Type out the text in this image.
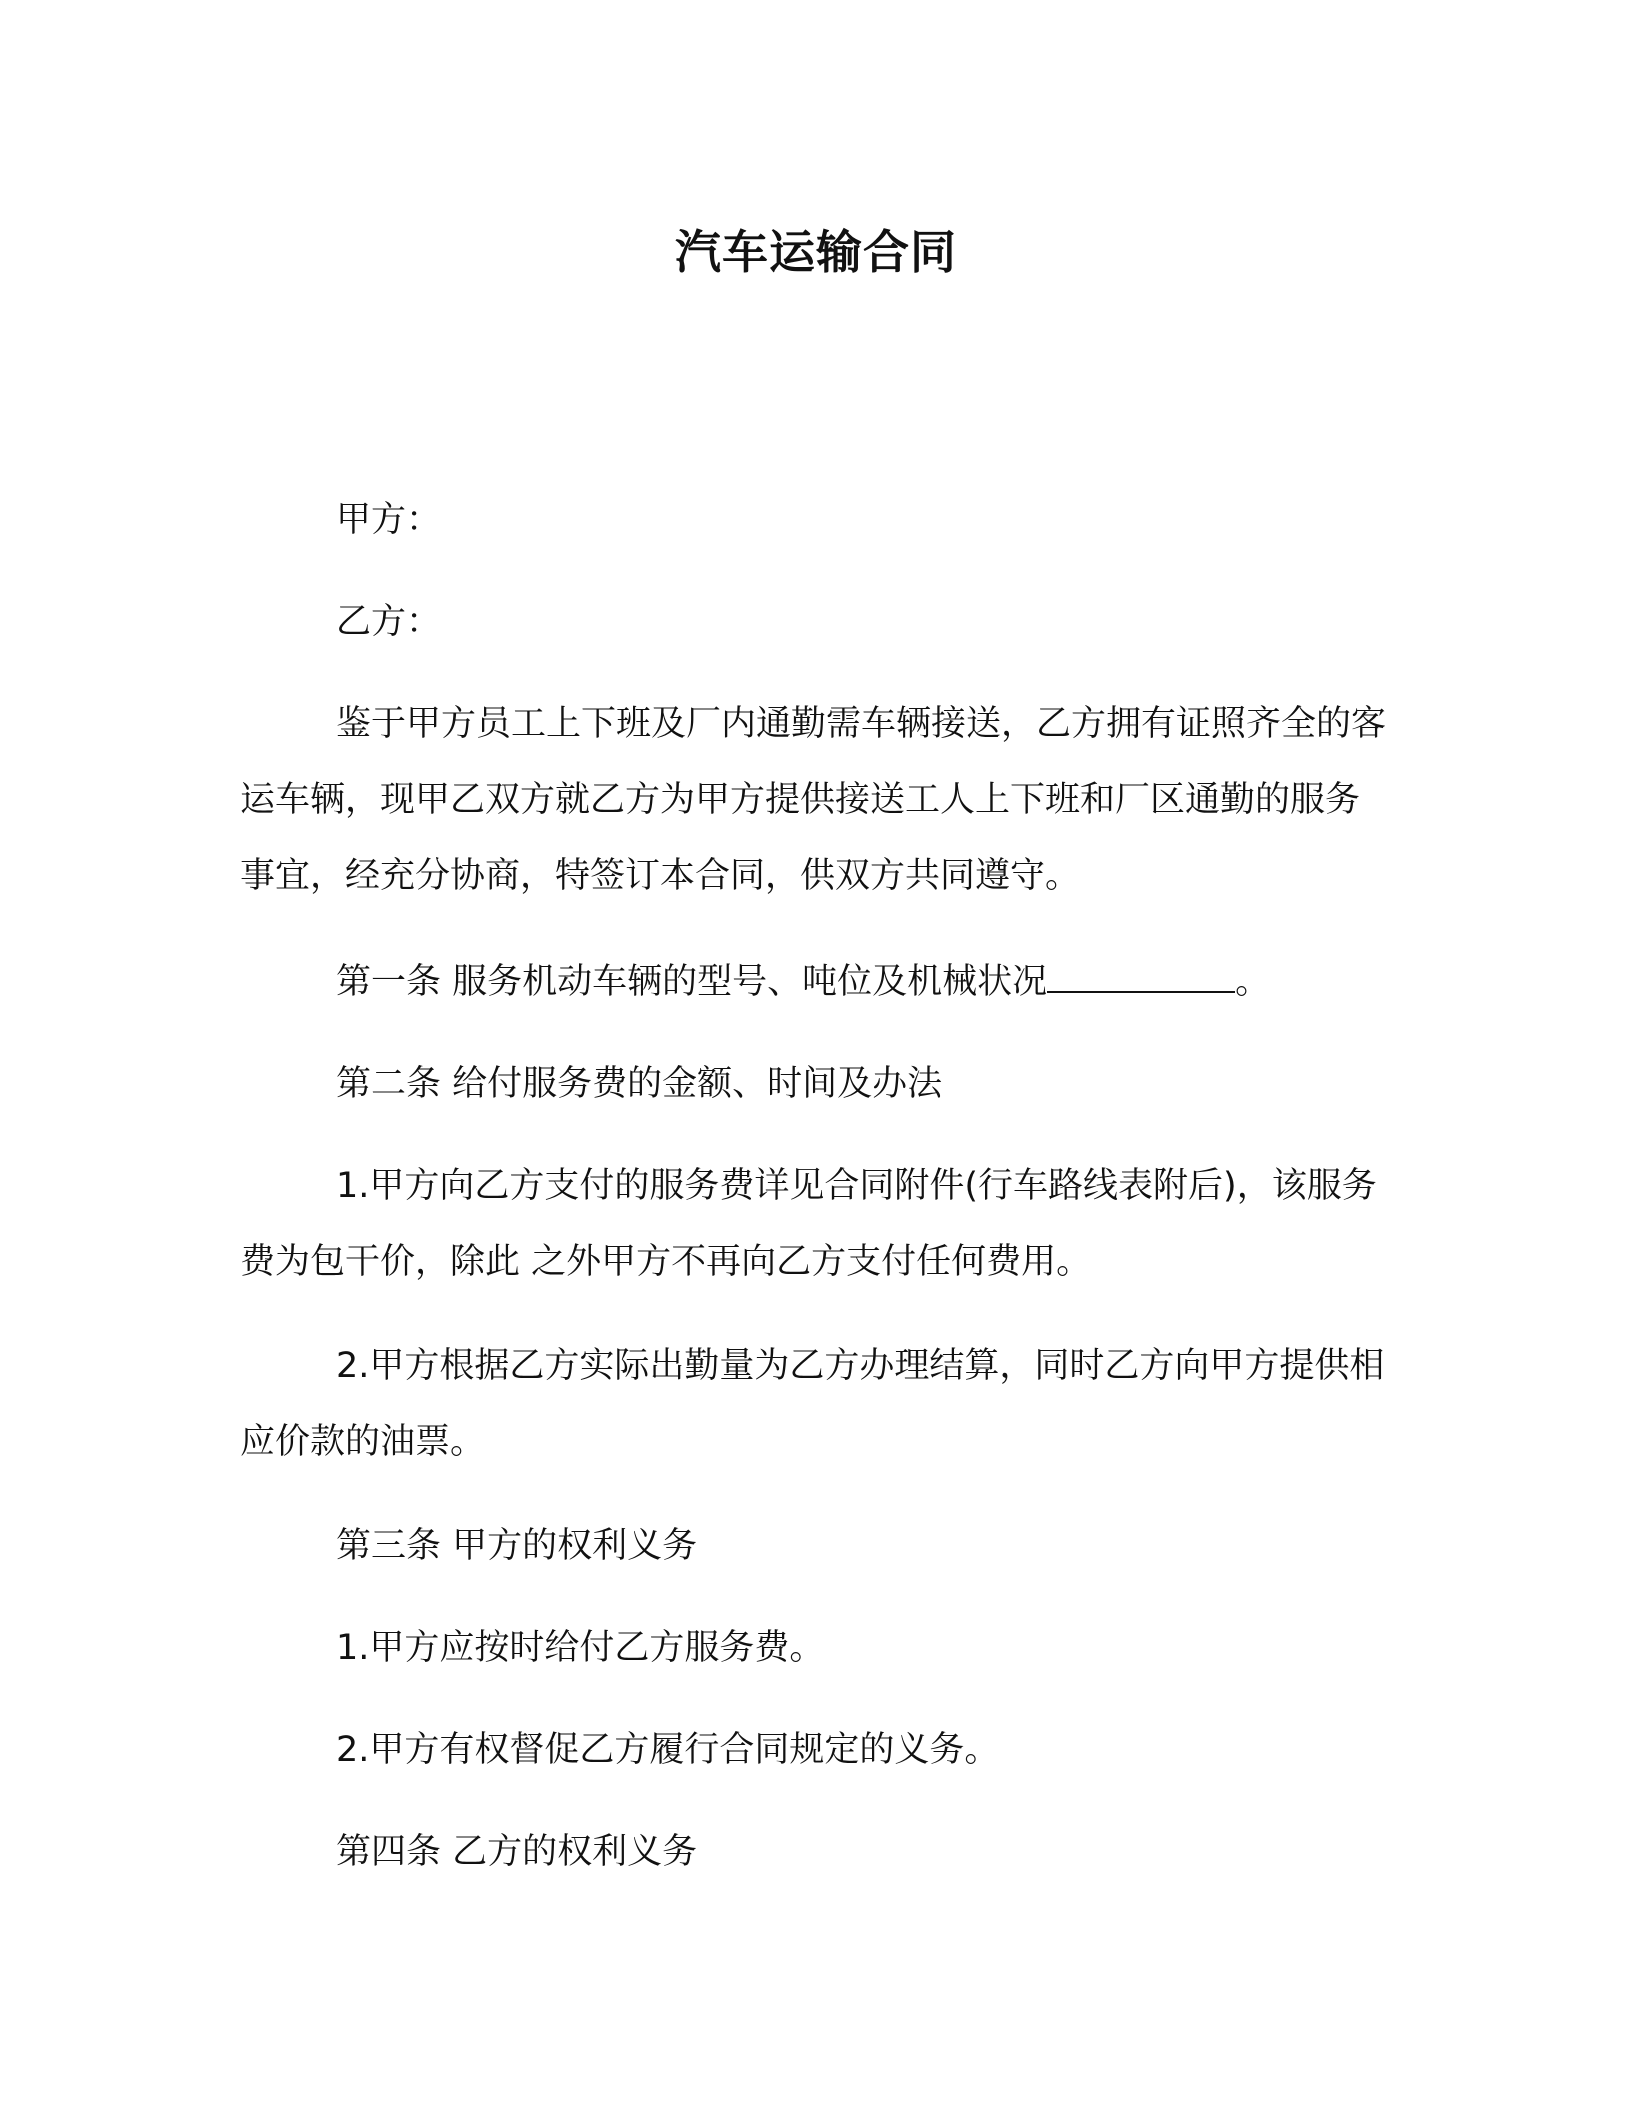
汽车运输合同

甲方：

乙方：

鉴于甲方员工上下班及厂内通勤需车辆接送，乙方拥有证照齐全的客运车辆，现甲乙双方就乙方为甲方提供接送工人上下班和厂区通勤的服务事宜，经充分协商，特签订本合同，供双方共同遵守。

第一条 服务机动车辆的型号、吨位及机械状况	。

第二条 给付服务费的金额、时间及办法

1.甲方向乙方支付的服务费详见合同附件(行车路线表附后)，该服务费为包干价，除此 之外甲方不再向乙方支付任何费用。

2.甲方根据乙方实际出勤量为乙方办理结算，同时乙方向甲方提供相应价款的油票。

第三条 甲方的权利义务

1.甲方应按时给付乙方服务费。

2.甲方有权督促乙方履行合同规定的义务。

第四条 乙方的权利义务
